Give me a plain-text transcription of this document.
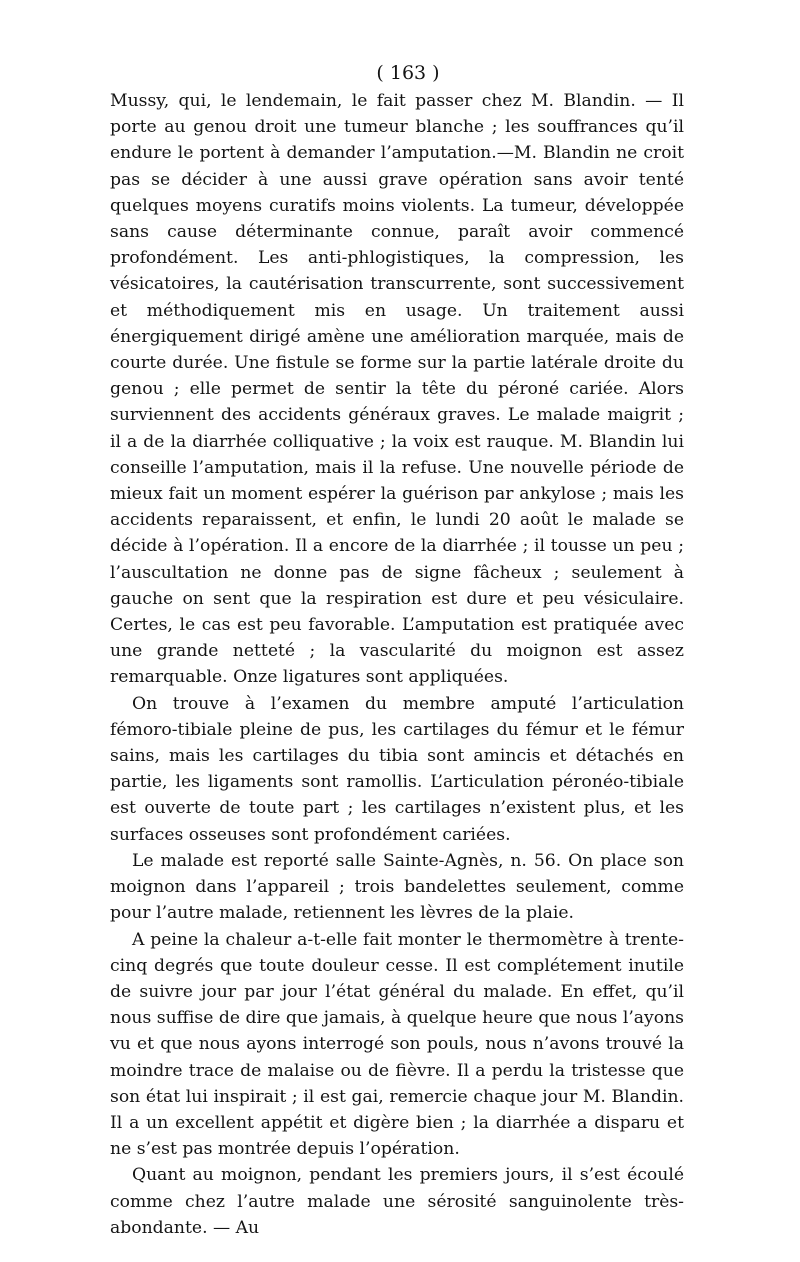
( 163 )

Mussy, qui, le lendemain, le fait passer chez M. Blandin. — Il porte au genou droit une tumeur blanche ; les souffrances qu’il endure le portent à demander l’amputation.—M. Blandin ne croit pas se décider à une aussi grave opération sans avoir tenté quelques moyens curatifs moins violents. La tumeur, développée sans cause déterminante connue, paraît avoir commencé profondément. Les anti-phlogistiques, la compression, les vésicatoires, la cautérisation transcurrente, sont successivement et méthodiquement mis en usage. Un traitement aussi énergiquement dirigé amène une amélioration marquée, mais de courte durée. Une fistule se forme sur la partie latérale droite du genou ; elle permet de sentir la tête du péroné cariée. Alors surviennent des accidents généraux graves. Le malade maigrit ; il a de la diarrhée colliquative ; la voix est rauque. M. Blandin lui conseille l’amputation, mais il la refuse. Une nouvelle période de mieux fait un moment espérer la guérison par ankylose ; mais les accidents reparaissent, et enfin, le lundi 20 août le malade se décide à l’opération. Il a encore de la diarrhée ; il tousse un peu ; l’auscultation ne donne pas de signe fâcheux ; seulement à gauche on sent que la respiration est dure et peu vésiculaire. Certes, le cas est peu favorable. L’amputation est pratiquée avec une grande netteté ; la vascularité du moignon est assez remarquable. Onze ligatures sont appliquées.

On trouve à l’examen du membre amputé l’articulation fémoro-tibiale pleine de pus, les cartilages du fémur et le fémur sains, mais les cartilages du tibia sont amincis et détachés en partie, les ligaments sont ramollis. L’articulation péronéo-tibiale est ouverte de toute part ; les cartilages n’existent plus, et les surfaces osseuses sont profondément cariées.

Le malade est reporté salle Sainte-Agnès, n. 56. On place son moignon dans l’appareil ; trois bandelettes seulement, comme pour l’autre malade, retiennent les lèvres de la plaie.

A peine la chaleur a-t-elle fait monter le thermomètre à trente-cinq degrés que toute douleur cesse. Il est complétement inutile de suivre jour par jour l’état général du malade. En effet, qu’il nous suffise de dire que jamais, à quelque heure que nous l’ayons vu et que nous ayons interrogé son pouls, nous n’avons trouvé la moindre trace de malaise ou de fièvre. Il a perdu la tristesse que son état lui inspirait ; il est gai, remercie chaque jour M. Blandin. Il a un excellent appétit et digère bien ; la diarrhée a disparu et ne s’est pas montrée depuis l’opération.

Quant au moignon, pendant les premiers jours, il s’est écoulé comme chez l’autre malade une sérosité sanguinolente très-abondante. — Au
